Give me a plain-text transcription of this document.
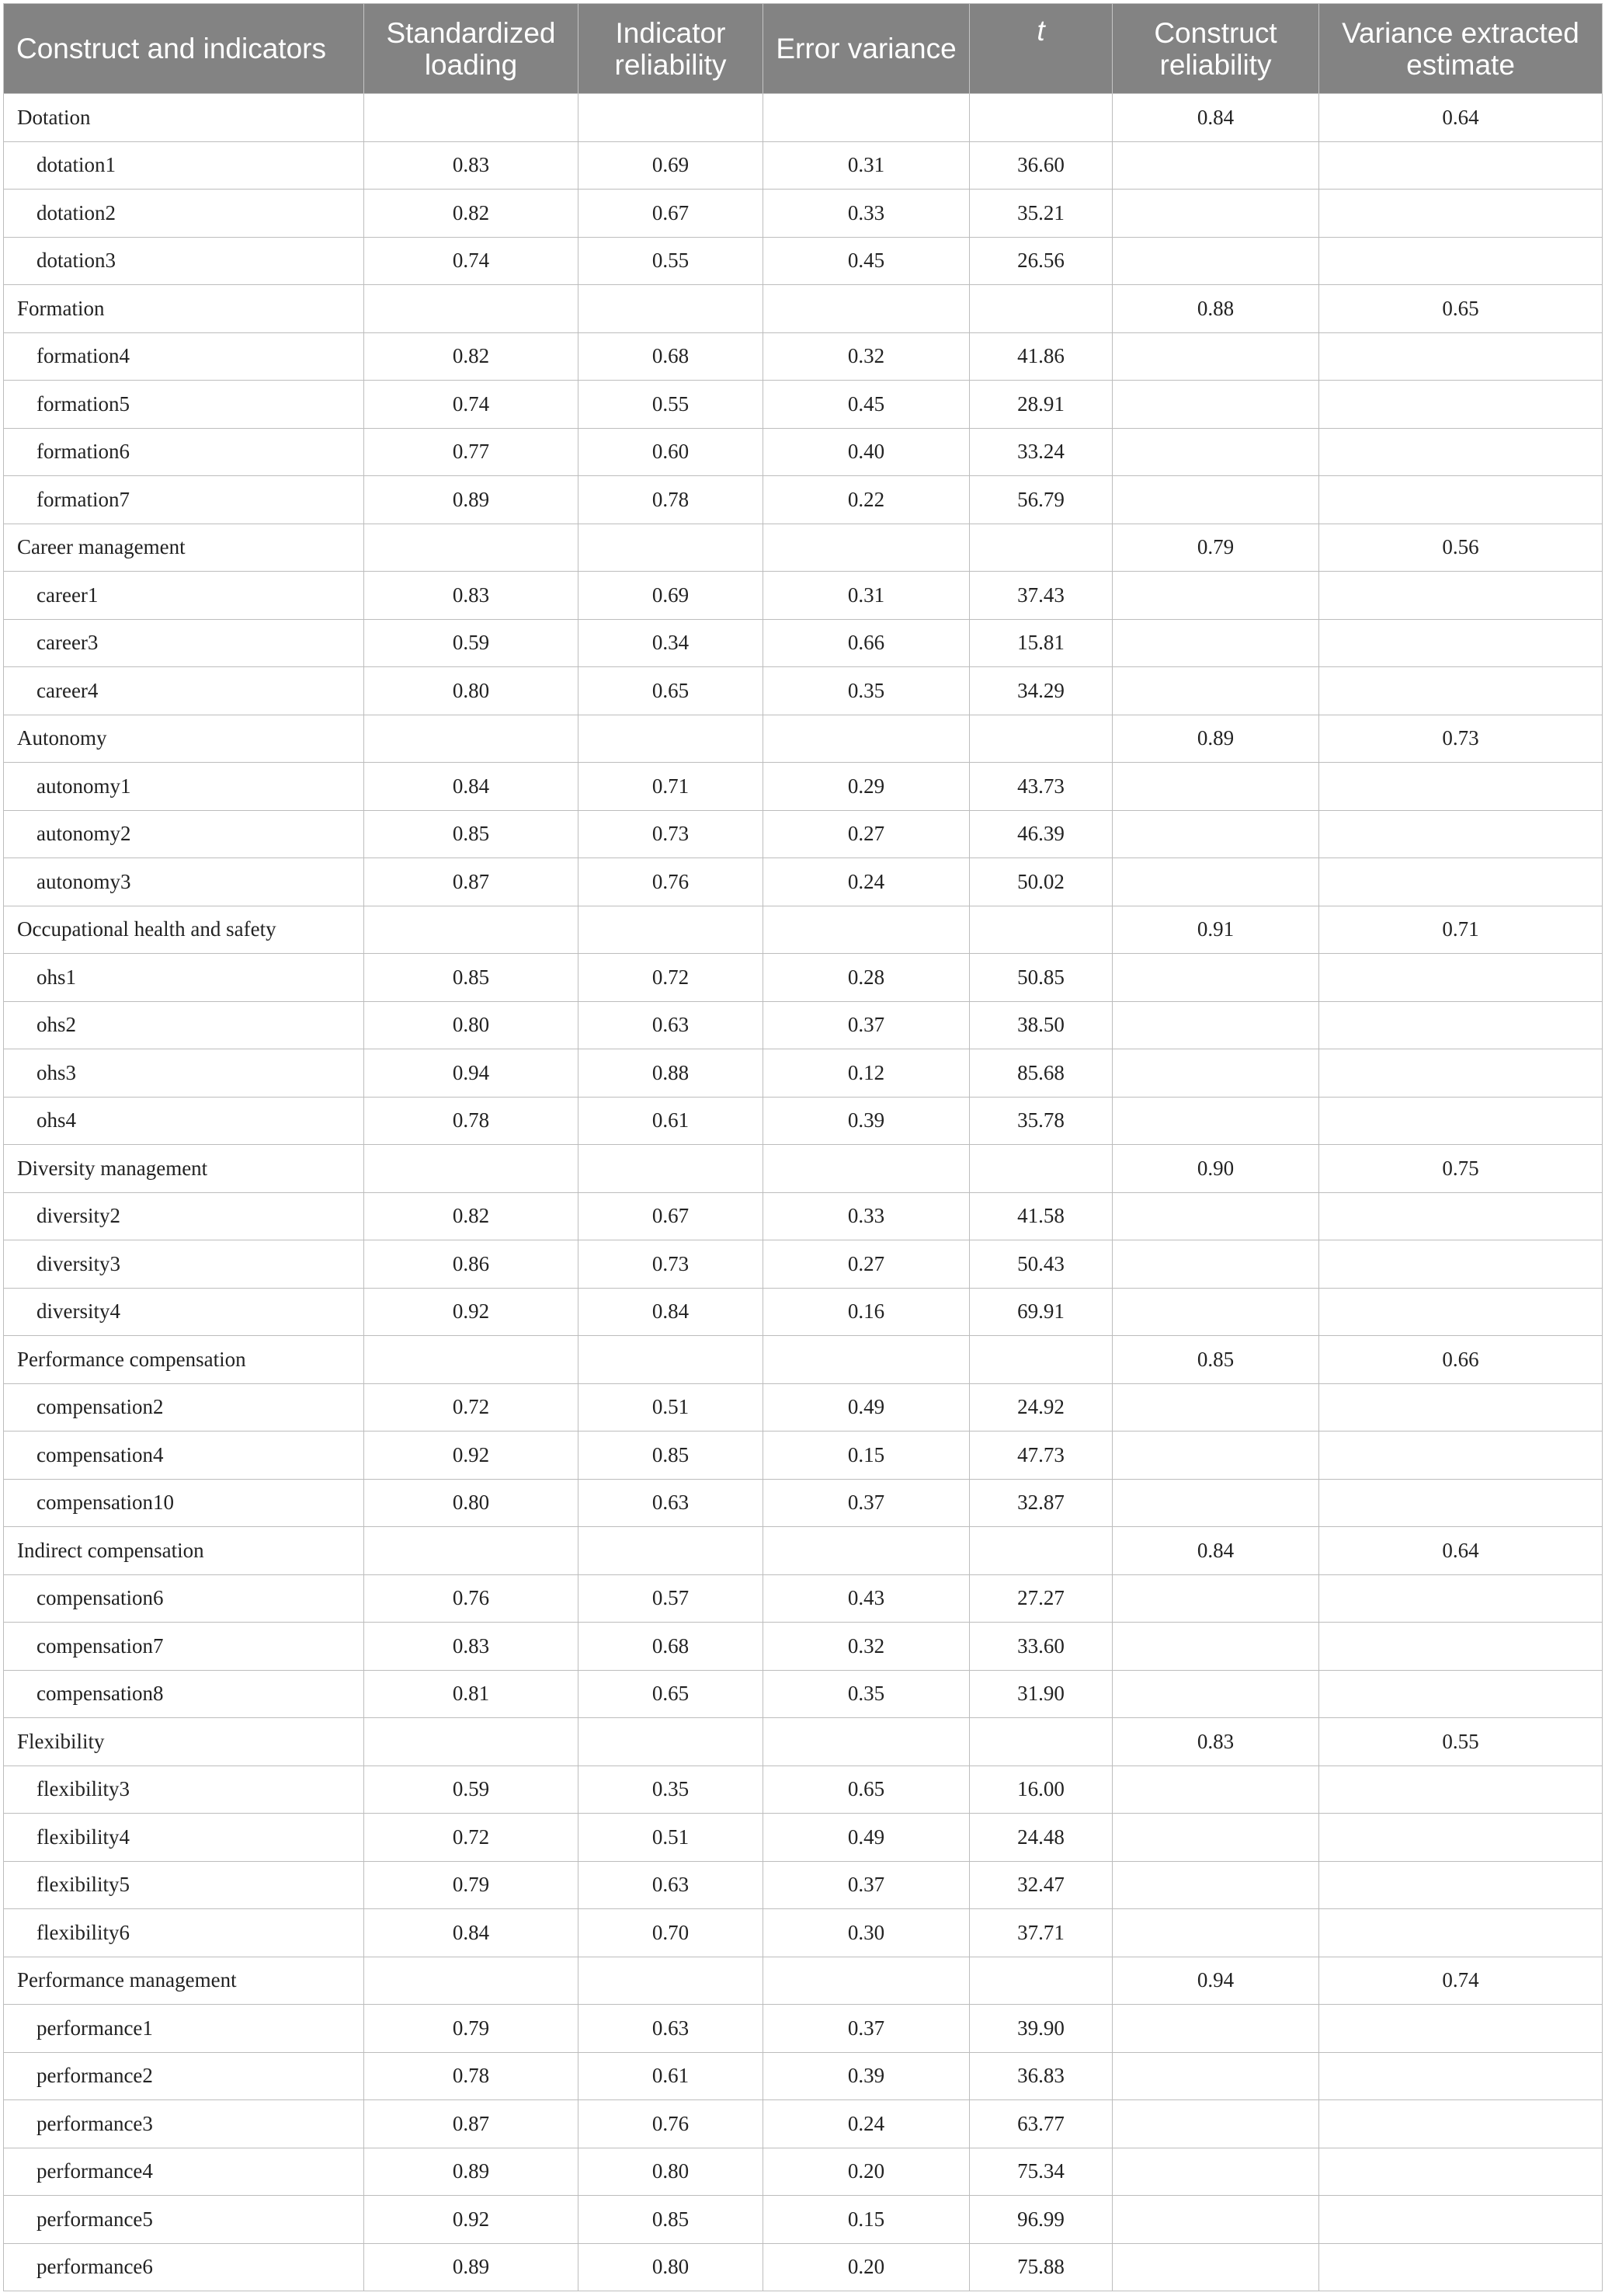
Construct and indicators	Standardized loading	Indicator reliability	Error variance	t	Construct reliability	Variance extracted estimate
Dotation					0.84	0.64
dotation1	0.83	0.69	0.31	36.60		
dotation2	0.82	0.67	0.33	35.21		
dotation3	0.74	0.55	0.45	26.56		
Formation					0.88	0.65
formation4	0.82	0.68	0.32	41.86		
formation5	0.74	0.55	0.45	28.91		
formation6	0.77	0.60	0.40	33.24		
formation7	0.89	0.78	0.22	56.79		
Career management					0.79	0.56
career1	0.83	0.69	0.31	37.43		
career3	0.59	0.34	0.66	15.81		
career4	0.80	0.65	0.35	34.29		
Autonomy					0.89	0.73
autonomy1	0.84	0.71	0.29	43.73		
autonomy2	0.85	0.73	0.27	46.39		
autonomy3	0.87	0.76	0.24	50.02		
Occupational health and safety					0.91	0.71
ohs1	0.85	0.72	0.28	50.85		
ohs2	0.80	0.63	0.37	38.50		
ohs3	0.94	0.88	0.12	85.68		
ohs4	0.78	0.61	0.39	35.78		
Diversity management					0.90	0.75
diversity2	0.82	0.67	0.33	41.58		
diversity3	0.86	0.73	0.27	50.43		
diversity4	0.92	0.84	0.16	69.91		
Performance compensation					0.85	0.66
compensation2	0.72	0.51	0.49	24.92		
compensation4	0.92	0.85	0.15	47.73		
compensation10	0.80	0.63	0.37	32.87		
Indirect compensation					0.84	0.64
compensation6	0.76	0.57	0.43	27.27		
compensation7	0.83	0.68	0.32	33.60		
compensation8	0.81	0.65	0.35	31.90		
Flexibility					0.83	0.55
flexibility3	0.59	0.35	0.65	16.00		
flexibility4	0.72	0.51	0.49	24.48		
flexibility5	0.79	0.63	0.37	32.47		
flexibility6	0.84	0.70	0.30	37.71		
Performance management					0.94	0.74
performance1	0.79	0.63	0.37	39.90		
performance2	0.78	0.61	0.39	36.83		
performance3	0.87	0.76	0.24	63.77		
performance4	0.89	0.80	0.20	75.34		
performance5	0.92	0.85	0.15	96.99		
performance6	0.89	0.80	0.20	75.88		
